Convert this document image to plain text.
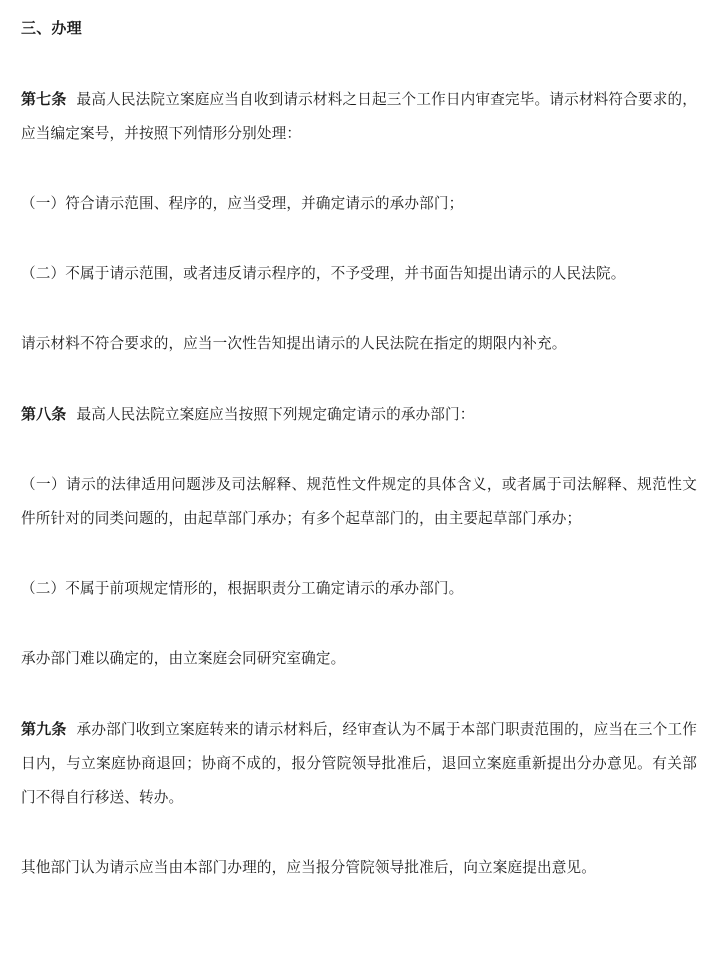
三、办理

第七条 最高人民法院立案庭应当自收到请示材料之日起三个工作日内审查完毕。请示材料符合要求的，应当编定案号，并按照下列情形分别处理：

（一）符合请示范围、程序的，应当受理，并确定请示的承办部门；

（二）不属于请示范围，或者违反请示程序的，不予受理，并书面告知提出请示的人民法院。

请示材料不符合要求的，应当一次性告知提出请示的人民法院在指定的期限内补充。

第八条 最高人民法院立案庭应当按照下列规定确定请示的承办部门：

（一）请示的法律适用问题涉及司法解释、规范性文件规定的具体含义，或者属于司法解释、规范性文件所针对的同类问题的，由起草部门承办；有多个起草部门的，由主要起草部门承办；

（二）不属于前项规定情形的，根据职责分工确定请示的承办部门。

承办部门难以确定的，由立案庭会同研究室确定。

第九条 承办部门收到立案庭转来的请示材料后，经审查认为不属于本部门职责范围的，应当在三个工作日内，与立案庭协商退回；协商不成的，报分管院领导批准后，退回立案庭重新提出分办意见。有关部门不得自行移送、转办。

其他部门认为请示应当由本部门办理的，应当报分管院领导批准后，向立案庭提出意见。
